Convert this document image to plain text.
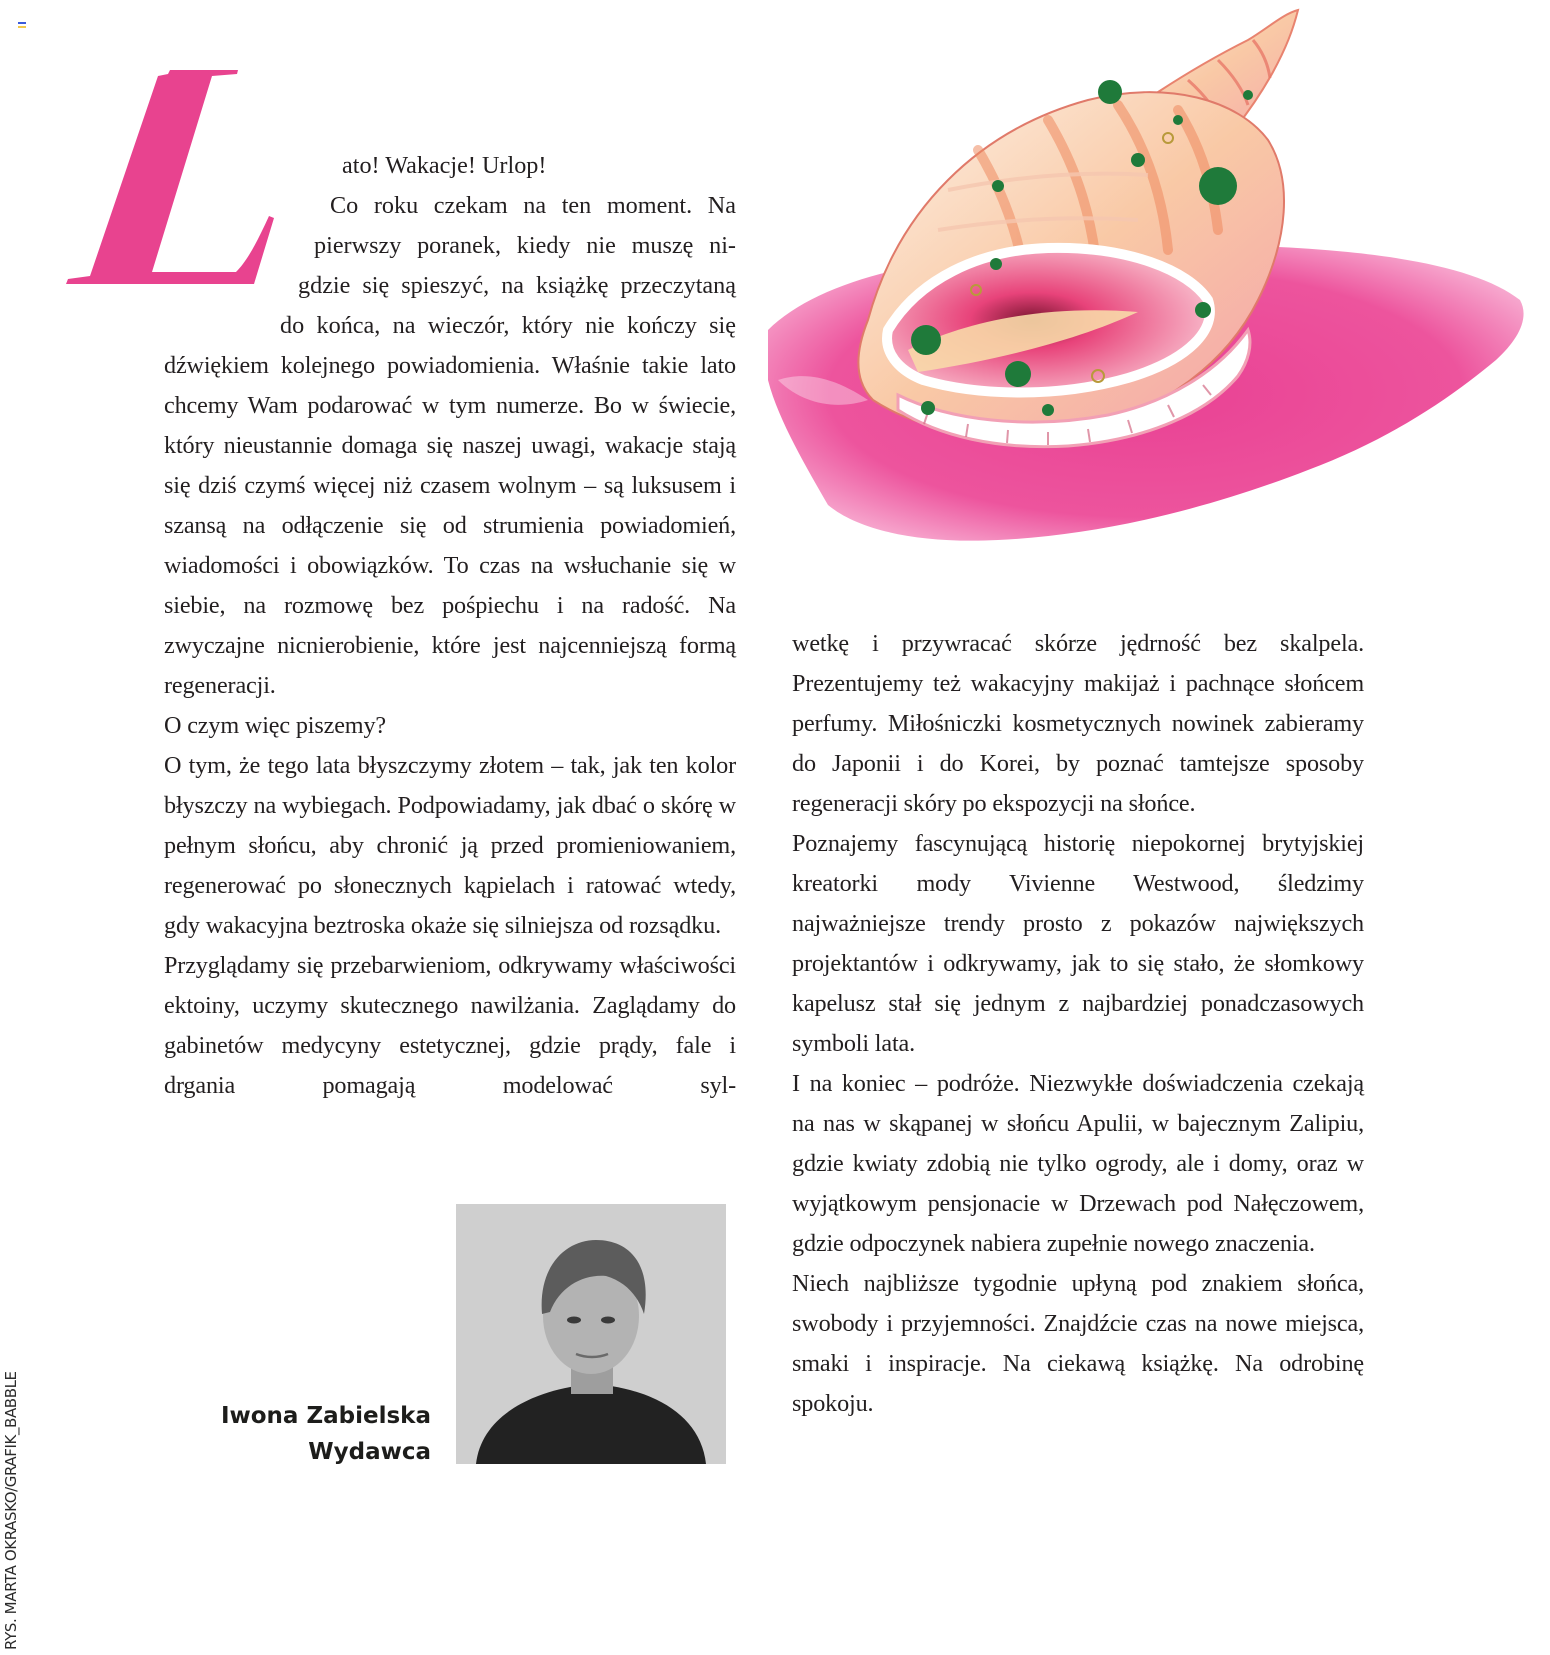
ato! Wakacje! Urlop!
Co roku czekam na ten moment. Na
pierwszy poranek, kiedy nie muszę ni-
gdzie się spieszyć, na książkę przeczytaną
do końca, na wieczór, który nie kończy się

dźwiękiem kolejnego powiadomienia. Właśnie takie lato chcemy Wam podarować w tym numerze. Bo w świecie, który nieustannie domaga się naszej uwagi, wakacje stają się dziś czymś więcej niż czasem wolnym – są luksusem i szansą na odłączenie się od strumienia powiadomień, wiadomości i obowiązków. To czas na wsłuchanie się w siebie, na rozmowę bez pośpiechu i na radość. Na zwyczajne nicnierobienie, które jest najcenniejszą formą regeneracji.

O czym więc piszemy?

O tym, że tego lata błyszczymy złotem – tak, jak ten kolor błyszczy na wybiegach. Podpowiadamy, jak dbać o skórę w pełnym słońcu, aby chronić ją przed promieniowaniem, regenerować po słonecznych kąpielach i ratować wtedy, gdy wakacyjna beztroska okaże się silniejsza od rozsądku.

Przyglądamy się przebarwieniom, odkrywamy właściwości ektoiny, uczymy skutecznego nawilżania. Zaglądamy do gabinetów medycyny estetycznej, gdzie prądy, fale i drgania pomagają modelować syl-

wetkę i przywracać skórze jędrność bez skalpela. Prezentujemy też wakacyjny makijaż i pachnące słońcem perfumy. Miłośniczki kosmetycznych nowinek zabieramy do Japonii i do Korei, by poznać tamtejsze sposoby regeneracji skóry po ekspozycji na słońce.

Poznajemy fascynującą historię niepokornej brytyjskiej kreatorki mody Vivienne Westwood, śledzimy najważniejsze trendy prosto z pokazów największych projektantów i odkrywamy, jak to się stało, że słomkowy kapelusz stał się jednym z najbardziej ponadczasowych symboli lata.

I na koniec – podróże. Niezwykłe doświadczenia czekają na nas w skąpanej w słońcu Apulii, w bajecznym Zalipiu, gdzie kwiaty zdobią nie tylko ogrody, ale i domy, oraz w wyjątkowym pensjonacie w Drzewach pod Nałęczowem, gdzie odpoczynek nabiera zupełnie nowego znaczenia.

Niech najbliższe tygodnie upłyną pod znakiem słońca, swobody i przyjemności. Znajdźcie czas na nowe miejsca, smaki i inspiracje. Na ciekawą książkę. Na odrobinę spokoju.

Iwona Zabielska
Wydawca
RYS. MARTA OKRASKO/GRAFIK_BABBLE
